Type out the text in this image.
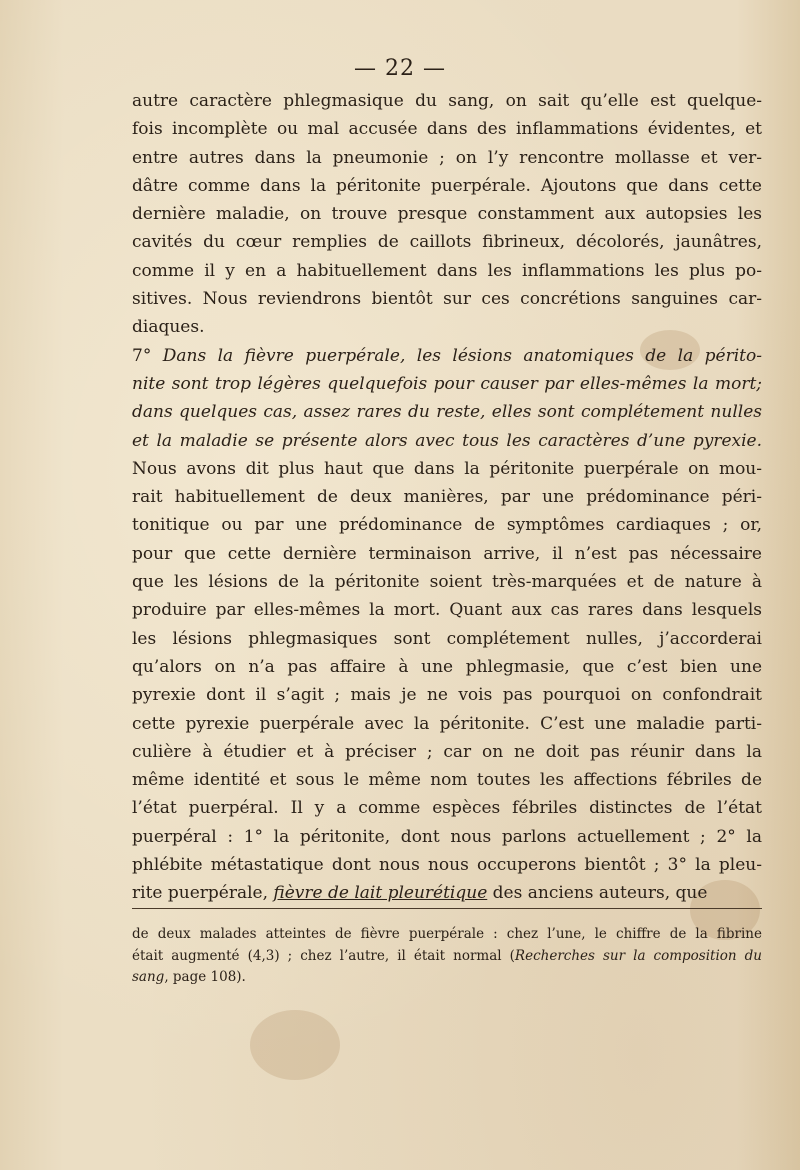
— 22 —
autre caractère phlegmasique du sang, on sait qu’elle est quelque-
fois incomplète ou mal accusée dans des inflammations évidentes, et
entre autres dans la pneumonie ; on l’y rencontre mollasse et ver-
dâtre comme dans la péritonite puerpérale. Ajoutons que dans cette
dernière maladie, on trouve presque constamment aux autopsies les
cavités du cœur remplies de caillots fibrineux, décolorés, jaunâtres,
comme il y en a habituellement dans les inflammations les plus po-
sitives. Nous reviendrons bientôt sur ces concrétions sanguines car-
diaques.
7° Dans la fièvre puerpérale, les lésions anatomiques de la périto-
nite sont trop légères quelquefois pour causer par elles-mêmes la mort;
dans quelques cas, assez rares du reste, elles sont complétement nulles
et la maladie se présente alors avec tous les caractères d’une pyrexie.
Nous avons dit plus haut que dans la péritonite puerpérale on mou-
rait habituellement de deux manières, par une prédominance péri-
tonitique ou par une prédominance de symptômes cardiaques ; or,
pour que cette dernière terminaison arrive, il n’est pas nécessaire
que les lésions de la péritonite soient très-marquées et de nature à
produire par elles-mêmes la mort. Quant aux cas rares dans lesquels
les lésions phlegmasiques sont complétement nulles, j’accorderai
qu’alors on n’a pas affaire à une phlegmasie, que c’est bien une
pyrexie dont il s’agit ; mais je ne vois pas pourquoi on confondrait
cette pyrexie puerpérale avec la péritonite. C’est une maladie parti-
culière à étudier et à préciser ; car on ne doit pas réunir dans la
même identité et sous le même nom toutes les affections fébriles de
l’état puerpéral. Il y a comme espèces fébriles distinctes de l’état
puerpéral : 1° la péritonite, dont nous parlons actuellement ; 2° la
phlébite métastatique dont nous nous occuperons bientôt ; 3° la pleu-
rite puerpérale, fièvre de lait pleurétique des anciens auteurs, que
de deux malades atteintes de fièvre puerpérale : chez l’une, le chiffre de la fibrine
était augmenté (4,3) ; chez l’autre, il était normal (Recherches sur la composition du
sang, page 108).
